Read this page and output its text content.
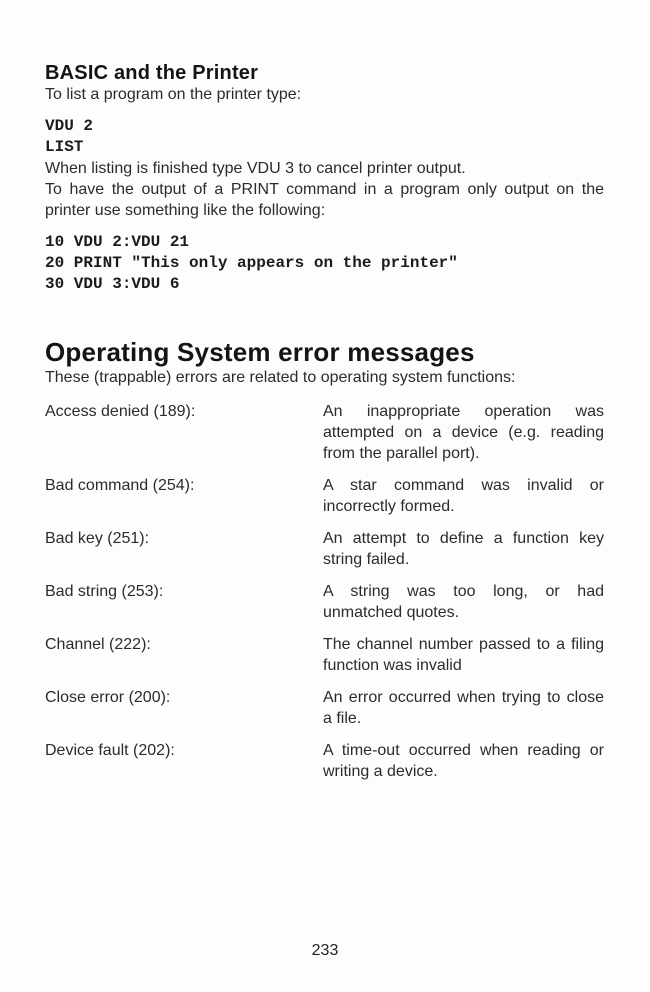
BASIC and the Printer

To list a program on the printer type:

VDU 2
LIST

When listing is finished type VDU 3 to cancel printer output.

To have the output of a PRINT command in a program only output on the printer use something like the following:

10 VDU 2:VDU 21
20 PRINT "This only appears on the printer"
30 VDU 3:VDU 6
Operating System error messages

These (trappable) errors are related to operating system functions:

Access denied (189):	An inappropriate operation was attempted on a device (e.g. reading from the parallel port).
Bad command (254):	A star command was invalid or incorrectly formed.
Bad key (251):	An attempt to define a function key string failed.
Bad string (253):	A string was too long, or had unmatched quotes.
Channel (222):	The channel number passed to a filing function was invalid
Close error (200):	An error occurred when trying to close a file.
Device fault (202):	A time-out occurred when reading or writing a device.
233
